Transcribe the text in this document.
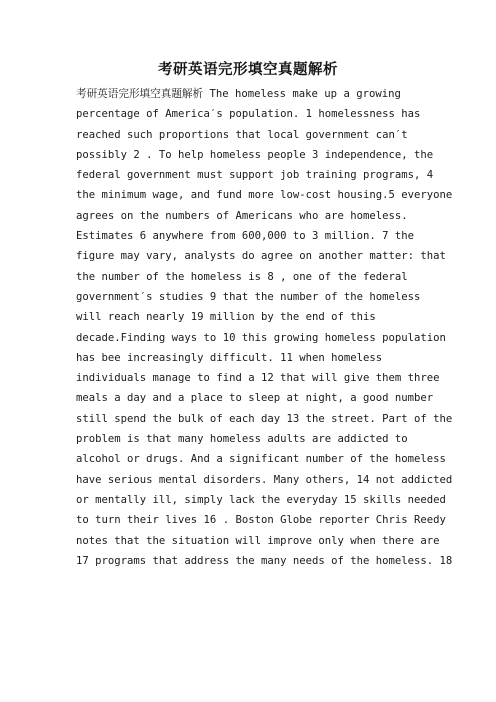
考研英语完形填空真题解析
考研英语完形填空真题解析 The homeless make up a growing
percentage of America′s population. 1 homelessness has
reached such proportions that local government can′t
possibly 2 . To help homeless people 3 independence, the
federal government must support job training programs, 4
the minimum wage, and fund more low-cost housing.5 everyone
agrees on the numbers of Americans who are homeless.
Estimates 6 anywhere from 600,000 to 3 million. 7 the
figure may vary, analysts do agree on another matter: that
the number of the homeless is 8 , one of the federal
government′s studies 9 that the number of the homeless
will reach nearly 19 million by the end of this
decade.Finding ways to 10 this growing homeless population
has bee increasingly difficult. 11 when homeless
individuals manage to find a 12 that will give them three
meals a day and a place to sleep at night, a good number
still spend the bulk of each day 13 the street. Part of the
problem is that many homeless adults are addicted to
alcohol or drugs. And a significant number of the homeless
have serious mental disorders. Many others, 14 not addicted
or mentally ill, simply lack the everyday 15 skills needed
to turn their lives 16 . Boston Globe reporter Chris Reedy
notes that the situation will improve only when there are
17 programs that address the many needs of the homeless. 18
